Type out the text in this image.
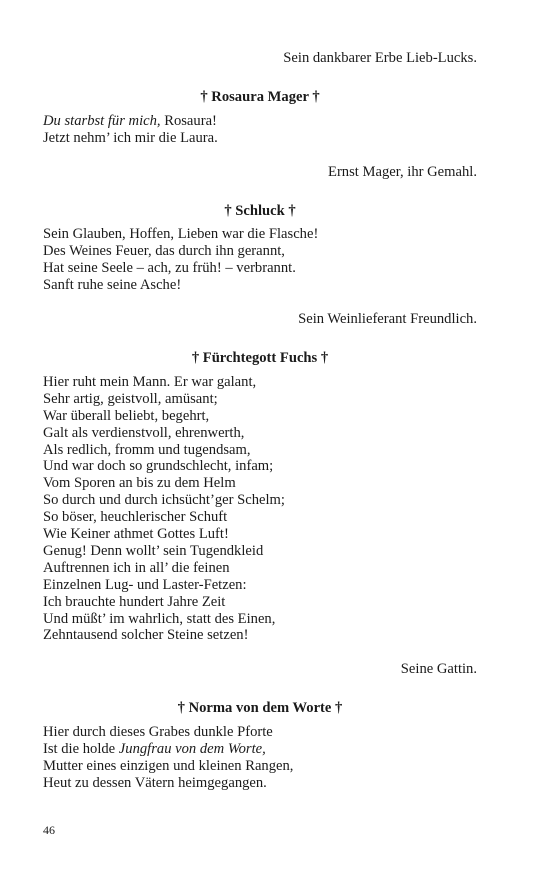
Sein dankbarer Erbe Lieb-Lucks.

† Rosaura Mager †

Du starbst für mich, Rosaura!
Jetzt nehm’ ich mir die Laura.

Ernst Mager, ihr Gemahl.

† Schluck †

Sein Glauben, Hoffen, Lieben war die Flasche!
Des Weines Feuer, das durch ihn gerannt,
Hat seine Seele – ach, zu früh! – verbrannt.
Sanft ruhe seine Asche!

Sein Weinlieferant Freundlich.

† Fürchtegott Fuchs †

Hier ruht mein Mann. Er war galant,
Sehr artig, geistvoll, amüsant;
War überall beliebt, begehrt,
Galt als verdienstvoll, ehrenwerth,
Als redlich, fromm und tugendsam,
Und war doch so grundschlecht, infam;
Vom Sporen an bis zu dem Helm
So durch und durch ichsücht’ger Schelm;
So böser, heuchlerischer Schuft
Wie Keiner athmet Gottes Luft!
Genug! Denn wollt’ sein Tugendkleid
Auftrennen ich in all’ die feinen
Einzelnen Lug- und Laster-Fetzen:
Ich brauchte hundert Jahre Zeit
Und müßt’ im wahrlich, statt des Einen,
Zehntausend solcher Steine setzen!

Seine Gattin.

† Norma von dem Worte †

Hier durch dieses Grabes dunkle Pforte
Ist die holde Jungfrau von dem Worte,
Mutter eines einzigen und kleinen Rangen,
Heut zu dessen Vätern heimgegangen.
46
